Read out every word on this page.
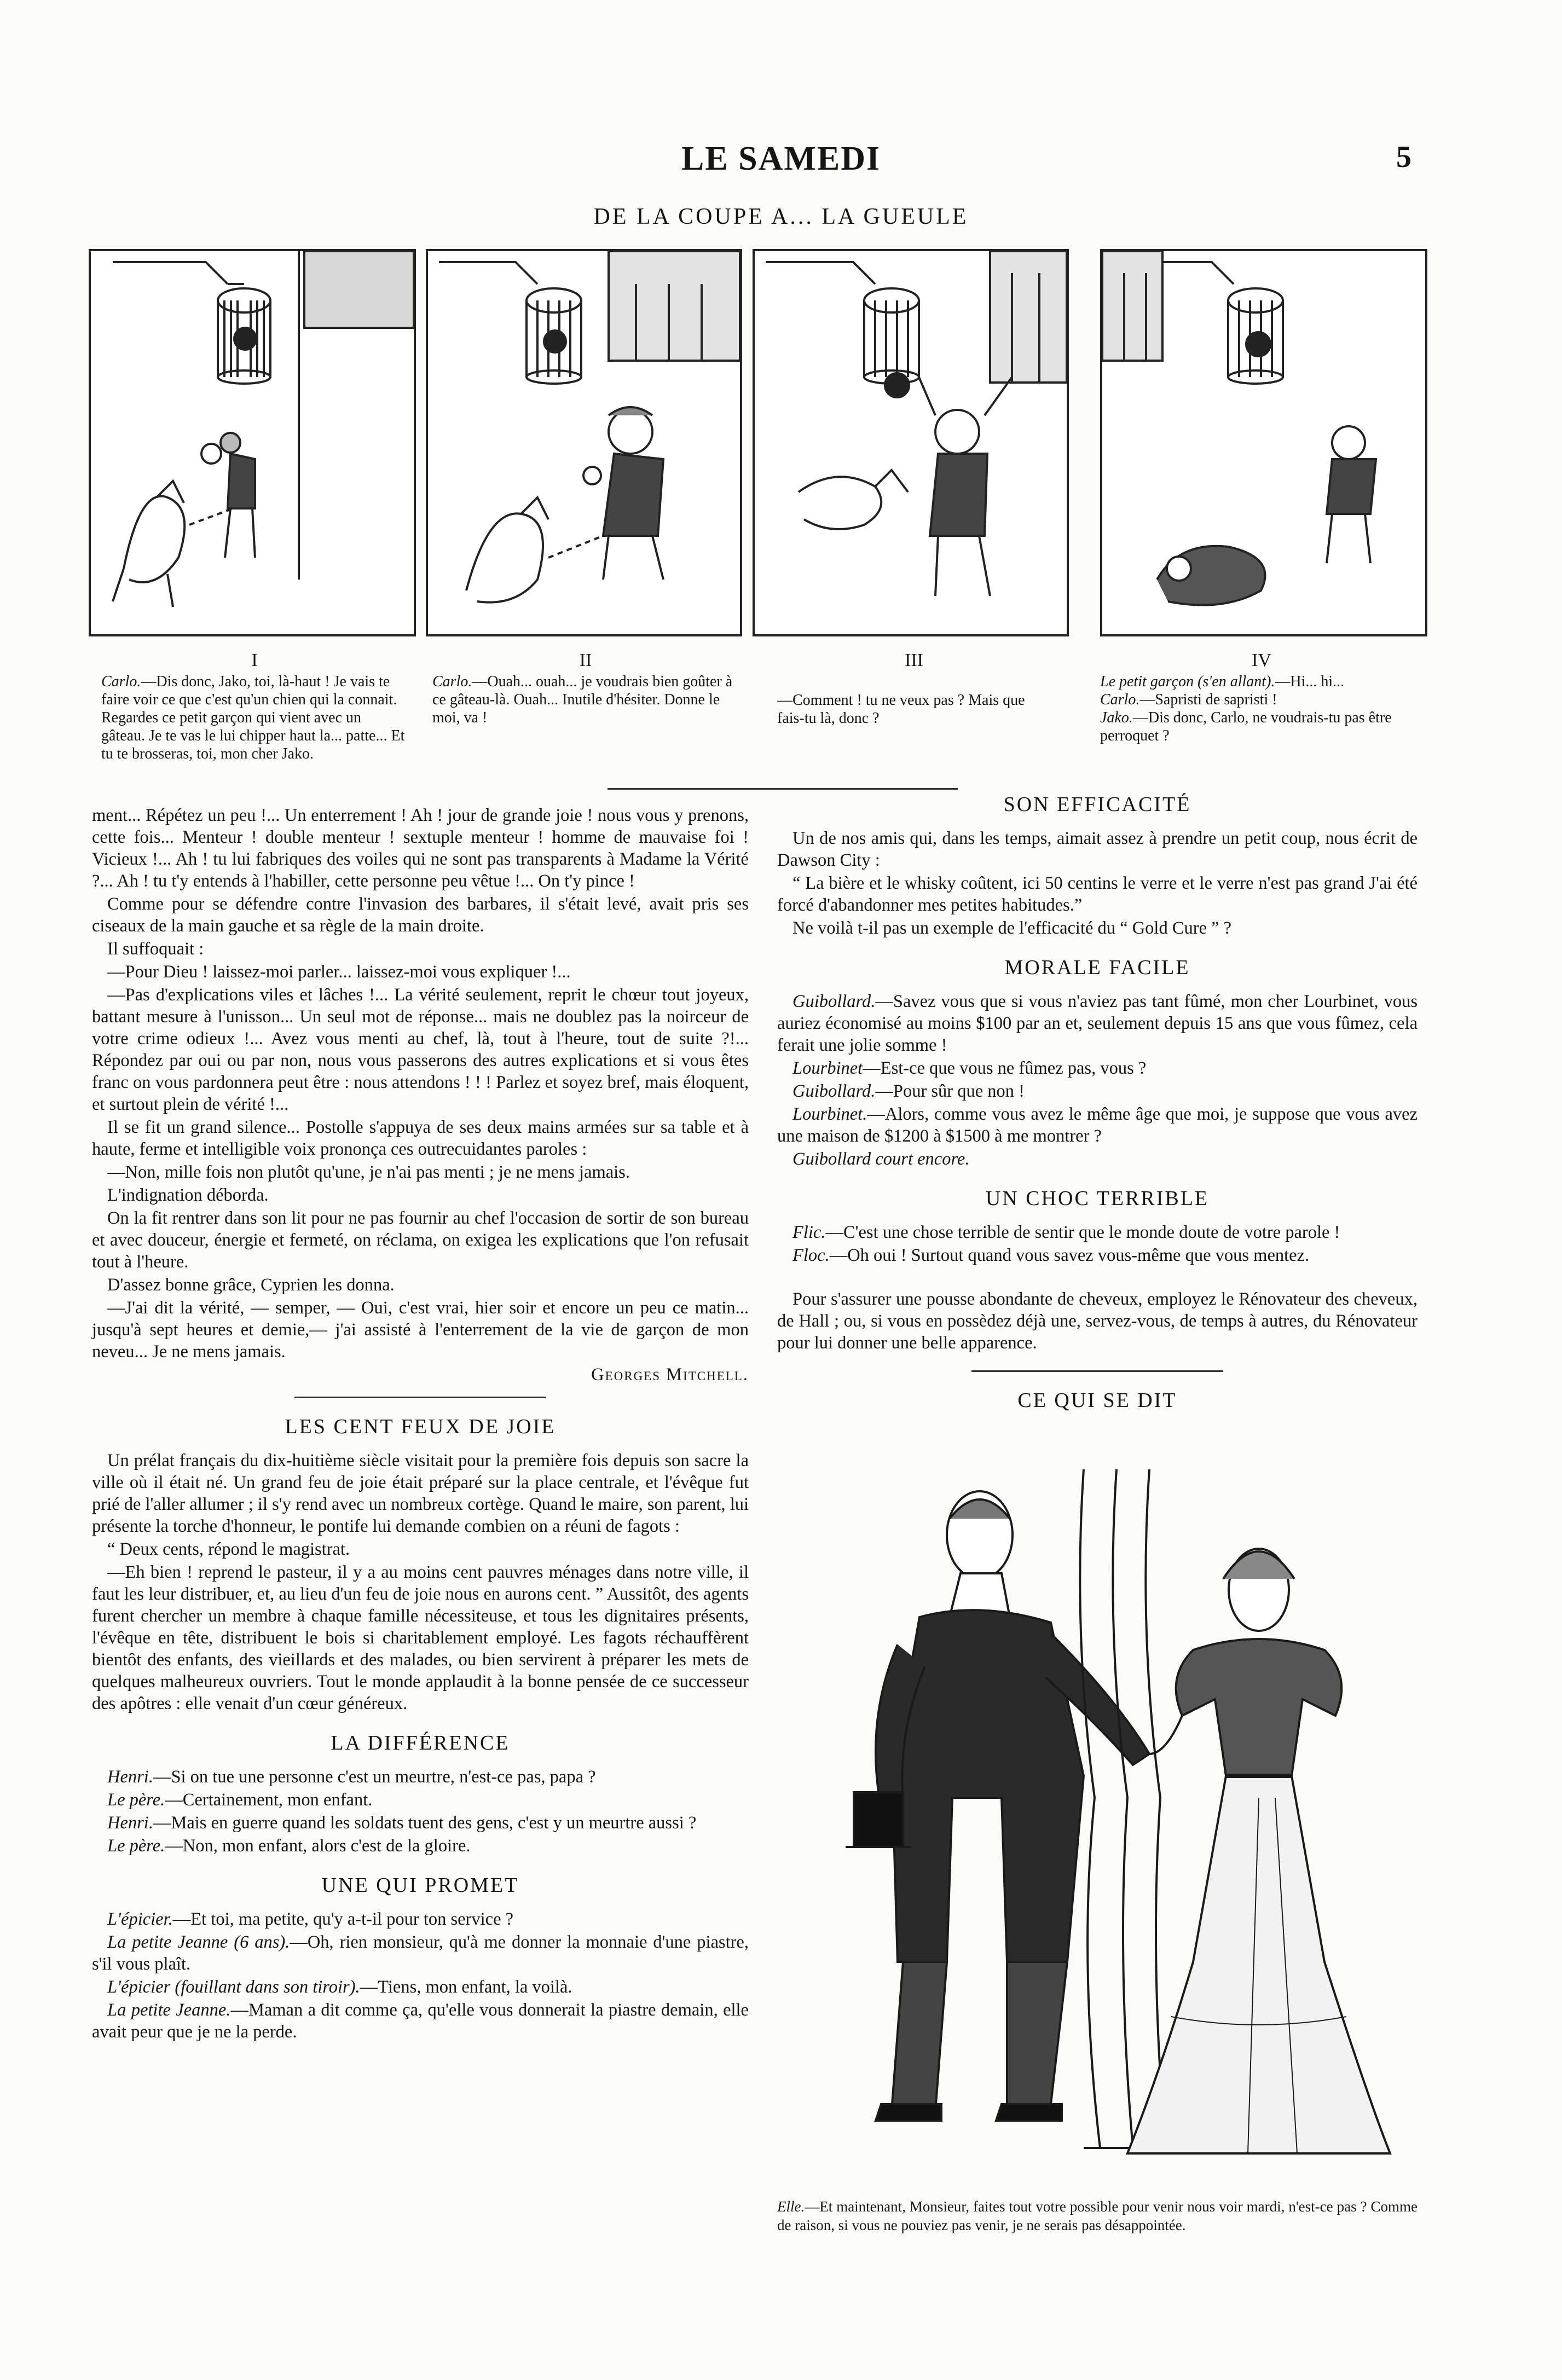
LE SAMEDI	5
DE LA COUPE A... LA GUEULE
I

Carlo.—Dis donc, Jako, toi, là-haut ! Je vais te faire voir ce que c'est qu'un chien qui la connait. Regardes ce petit garçon qui vient avec un gâteau. Je te vas le lui chipper haut la... patte... Et tu te brosseras, toi, mon cher Jako.

II

Carlo.—Ouah... ouah... je voudrais bien goûter à ce gâteau-là. Ouah... Inutile d'hésiter. Donne le moi, va !

III

—Comment ! tu ne veux pas ? Mais que fais-tu là, donc ?

IV

Le petit garçon (s'en allant).—Hi... hi...

Carlo.—Sapristi de sapristi !

Jako.—Dis donc, Carlo, ne voudrais-tu pas être perroquet ?

ment... Répétez un peu !... Un enterrement ! Ah ! jour de grande joie ! nous vous y prenons, cette fois... Menteur ! double menteur ! sextuple menteur ! homme de mauvaise foi ! Vicieux !... Ah ! tu lui fabriques des voiles qui ne sont pas transparents à Madame la Vérité ?... Ah ! tu t'y entends à l'habiller, cette personne peu vêtue !... On t'y pince !

Comme pour se défendre contre l'invasion des barbares, il s'était levé, avait pris ses ciseaux de la main gauche et sa règle de la main droite.

Il suffoquait :

—Pour Dieu ! laissez-moi parler... laissez-moi vous expliquer !...

—Pas d'explications viles et lâches !... La vérité seulement, reprit le chœur tout joyeux, battant mesure à l'unisson... Un seul mot de réponse... mais ne doublez pas la noirceur de votre crime odieux !... Avez vous menti au chef, là, tout à l'heure, tout de suite ?!... Répondez par oui ou par non, nous vous passerons des autres explications et si vous êtes franc on vous pardonnera peut être : nous attendons ! ! ! Parlez et soyez bref, mais éloquent, et surtout plein de vérité !...

Il se fit un grand silence... Postolle s'appuya de ses deux mains armées sur sa table et à haute, ferme et intelligible voix prononça ces outrecuidantes paroles :

—Non, mille fois non plutôt qu'une, je n'ai pas menti ; je ne mens jamais.

L'indignation déborda.

On la fit rentrer dans son lit pour ne pas fournir au chef l'occasion de sortir de son bureau et avec douceur, énergie et fermeté, on réclama, on exigea les explications que l'on refusait tout à l'heure.

D'assez bonne grâce, Cyprien les donna.

—J'ai dit la vérité, — semper, — Oui, c'est vrai, hier soir et encore un peu ce matin... jusqu'à sept heures et demie,— j'ai assisté à l'enterrement de la vie de garçon de mon neveu... Je ne mens jamais.

Georges Mitchell.

LES CENT FEUX DE JOIE

Un prélat français du dix-huitième siècle visitait pour la première fois depuis son sacre la ville où il était né. Un grand feu de joie était préparé sur la place centrale, et l'évêque fut prié de l'aller allumer ; il s'y rend avec un nombreux cortège. Quand le maire, son parent, lui présente la torche d'honneur, le pontife lui demande combien on a réuni de fagots :

“ Deux cents, répond le magistrat.

—Eh bien ! reprend le pasteur, il y a au moins cent pauvres ménages dans notre ville, il faut les leur distribuer, et, au lieu d'un feu de joie nous en aurons cent. ” Aussitôt, des agents furent chercher un membre à chaque famille nécessiteuse, et tous les dignitaires présents, l'évêque en tête, distribuent le bois si charitablement employé. Les fagots réchauffèrent bientôt des enfants, des vieillards et des malades, ou bien servirent à préparer les mets de quelques malheureux ouvriers. Tout le monde applaudit à la bonne pensée de ce successeur des apôtres : elle venait d'un cœur généreux.

LA DIFFÉRENCE

Henri.—Si on tue une personne c'est un meurtre, n'est-ce pas, papa ?

Le père.—Certainement, mon enfant.

Henri.—Mais en guerre quand les soldats tuent des gens, c'est y un meurtre aussi ?

Le père.—Non, mon enfant, alors c'est de la gloire.

UNE QUI PROMET

L'épicier.—Et toi, ma petite, qu'y a-t-il pour ton service ?

La petite Jeanne (6 ans).—Oh, rien monsieur, qu'à me donner la monnaie d'une piastre, s'il vous plaît.

L'épicier (fouillant dans son tiroir).—Tiens, mon enfant, la voilà.

La petite Jeanne.—Maman a dit comme ça, qu'elle vous donnerait la piastre demain, elle avait peur que je ne la perde.

SON EFFICACITÉ

Un de nos amis qui, dans les temps, aimait assez à prendre un petit coup, nous écrit de Dawson City :

“ La bière et le whisky coûtent, ici 50 centins le verre et le verre n'est pas grand J'ai été forcé d'abandonner mes petites habitudes.”

Ne voilà t-il pas un exemple de l'efficacité du “ Gold Cure ” ?

MORALE FACILE

Guibollard.—Savez vous que si vous n'aviez pas tant fûmé, mon cher Lourbinet, vous auriez économisé au moins $100 par an et, seulement depuis 15 ans que vous fûmez, cela ferait une jolie somme !

Lourbinet—Est-ce que vous ne fûmez pas, vous ?

Guibollard.—Pour sûr que non !

Lourbinet.—Alors, comme vous avez le même âge que moi, je suppose que vous avez une maison de $1200 à $1500 à me montrer ?

Guibollard court encore.

UN CHOC TERRIBLE

Flic.—C'est une chose terrible de sentir que le monde doute de votre parole !

Floc.—Oh oui ! Surtout quand vous savez vous-même que vous mentez.

Pour s'assurer une pousse abondante de cheveux, employez le Rénovateur des cheveux, de Hall ; ou, si vous en possèdez déjà une, servez-vous, de temps à autres, du Rénovateur pour lui donner une belle apparence.

CE QUI SE DIT
Elle.—Et maintenant, Monsieur, faites tout votre possible pour venir nous voir mardi, n'est-ce pas ? Comme de raison, si vous ne pouviez pas venir, je ne serais pas désappointée.
